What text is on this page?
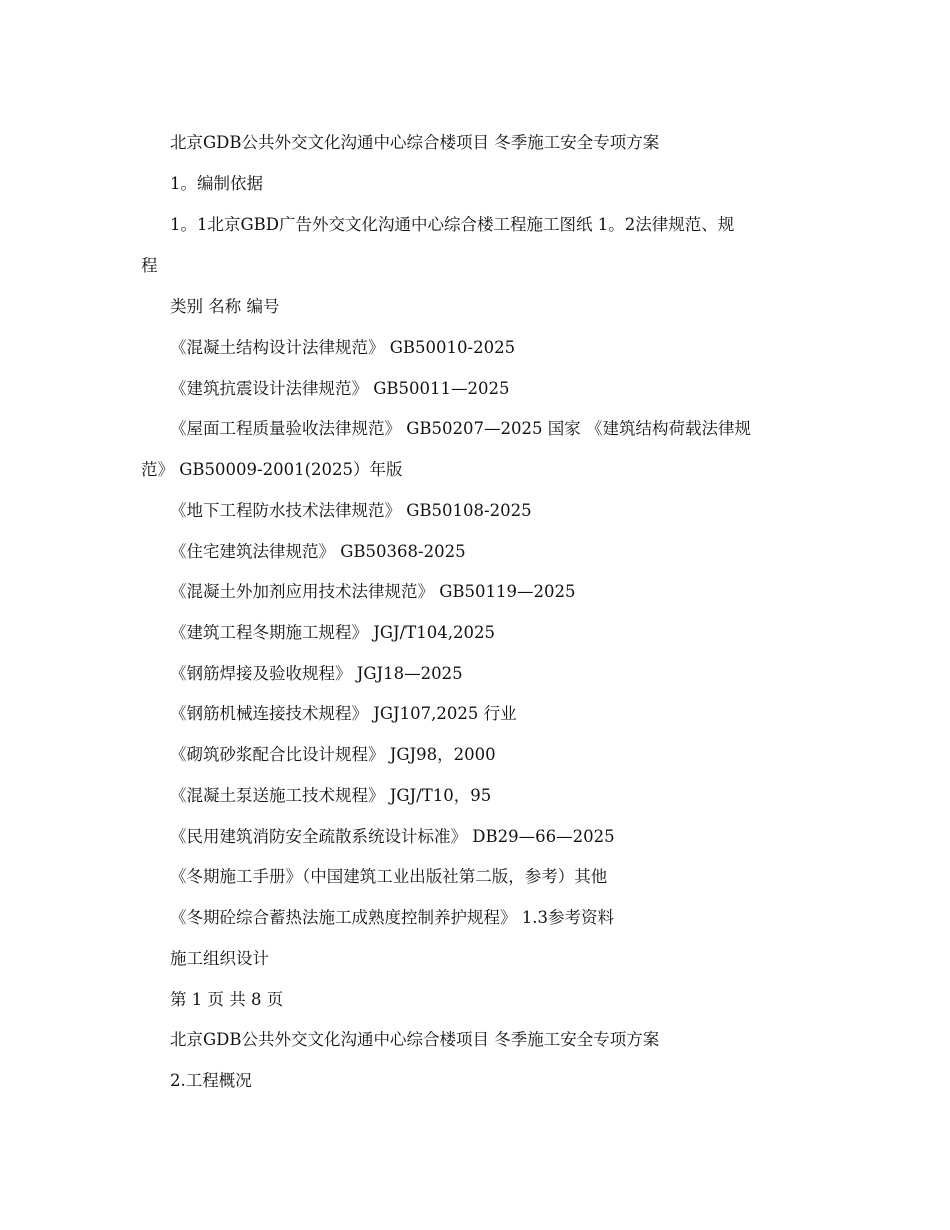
北京GDB公共外交文化沟通中心综合楼项目 冬季施工安全专项方案
1。编制依据
1。1北京GBD广告外交文化沟通中心综合楼工程施工图纸 1。2法律规范、规
程
类别 名称 编号
《混凝土结构设计法律规范》 GB50010-2025
《建筑抗震设计法律规范》 GB50011—2025
《屋面工程质量验收法律规范》 GB50207—2025 国家 《建筑结构荷载法律规
范》 GB50009-2001(2025）年版
《地下工程防水技术法律规范》 GB50108-2025
《住宅建筑法律规范》 GB50368-2025
《混凝土外加剂应用技术法律规范》 GB50119—2025
《建筑工程冬期施工规程》 JGJ/T104,2025
《钢筋焊接及验收规程》 JGJ18—2025
《钢筋机械连接技术规程》 JGJ107,2025 行业
《砌筑砂浆配合比设计规程》 JGJ98，2000
《混凝土泵送施工技术规程》 JGJ/T10，95
《民用建筑消防安全疏散系统设计标准》 DB29—66—2025
《冬期施工手册》（中国建筑工业出版社第二版，参考）其他
《冬期砼综合蓄热法施工成熟度控制养护规程》 1.3参考资料
施工组织设计
第 1 页 共 8 页
北京GDB公共外交文化沟通中心综合楼项目 冬季施工安全专项方案
2.工程概况
